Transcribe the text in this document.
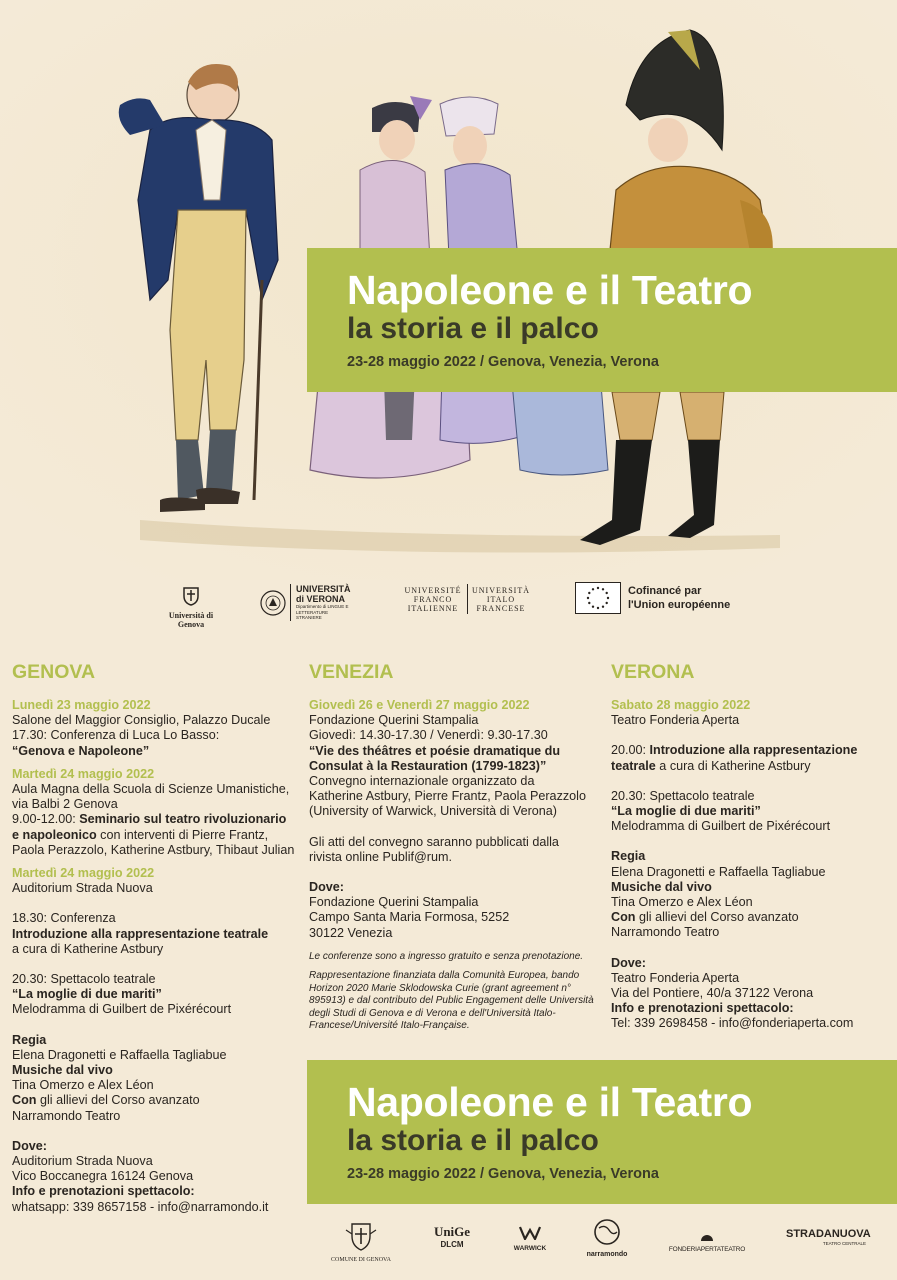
Napoleone e il Teatro
la storia e il palco
23-28 maggio 2022 / Genova, Venezia, Verona
Università di Genova
UNIVERSITÀ
di VERONA
Dipartimento di LINGUE E LETTERATURE STRANIERE
UNIVERSITÉ FRANCO ITALIENNE
UNIVERSITÀ ITALO FRANCESE
Cofinancé par
l'Union européenne
GENOVA
Lunedì 23 maggio 2022
Salone del Maggior Consiglio, Palazzo Ducale
17.30: Conferenza di Luca Lo Basso:
“Genova e Napoleone”
Martedì 24 maggio 2022
Aula Magna della Scuola di Scienze Umanistiche,
via Balbi 2 Genova
9.00-12.00: Seminario sul teatro rivoluzionario
e napoleonico con interventi di Pierre Frantz,
Paola Perazzolo, Katherine Astbury, Thibaut Julian
Martedì 24 maggio 2022
Auditorium Strada Nuova
18.30: Conferenza
Introduzione alla rappresentazione teatrale
a cura di Katherine Astbury
20.30: Spettacolo teatrale
“La moglie di due mariti”
Melodramma di Guilbert de Pixérécourt
Regia
Elena Dragonetti e Raffaella Tagliabue
Musiche dal vivo
Tina Omerzo e Alex Léon
Con gli allievi del Corso avanzato
Narramondo Teatro
Dove:
Auditorium Strada Nuova
Vico Boccanegra 16124 Genova
Info e prenotazioni spettacolo:
whatsapp: 339 8657158 - info@narramondo.it
VENEZIA
Giovedì 26 e Venerdì 27 maggio 2022
Fondazione Querini Stampalia
Giovedì: 14.30-17.30 / Venerdì: 9.30-17.30
“Vie des théâtres et poésie dramatique du
Consulat à la Restauration (1799-1823)”
Convegno internazionale organizzato da
Katherine Astbury, Pierre Frantz, Paola Perazzolo
(University of Warwick, Università di Verona)
Gli atti del convegno saranno pubblicati dalla
rivista online Publif@rum.
Dove:
Fondazione Querini Stampalia
Campo Santa Maria Formosa, 5252
30122 Venezia
Le conferenze sono a ingresso gratuito e senza prenotazione.
Rappresentazione finanziata dalla Comunità Europea, bando Horizon 2020 Marie Sklodowska Curie (grant agreement n° 895913) e dal contributo del Public Engagement delle Università degli Studi di Genova e di Verona e dell'Università Italo-Francese/Université Italo-Française.
VERONA
Sabato 28 maggio 2022
Teatro Fonderia Aperta
20.00: Introduzione alla rappresentazione
teatrale a cura di Katherine Astbury
20.30: Spettacolo teatrale
“La moglie di due mariti”
Melodramma di Guilbert de Pixérécourt
Regia
Elena Dragonetti e Raffaella Tagliabue
Musiche dal vivo
Tina Omerzo e Alex Léon
Con gli allievi del Corso avanzato
Narramondo Teatro
Dove:
Teatro Fonderia Aperta
Via del Pontiere, 40/a 37122 Verona
Info e prenotazioni spettacolo:
Tel: 339 2698458 - info@fonderiaperta.com
Napoleone e il Teatro
la storia e il palco
23-28 maggio 2022 / Genova, Venezia, Verona
COMUNE DI GENOVA
UniGe
DLCM	WARWICK
narramondo
FONDERIAPERTATEATRO
STRADANUOVA
TEATRO CENTRALE
